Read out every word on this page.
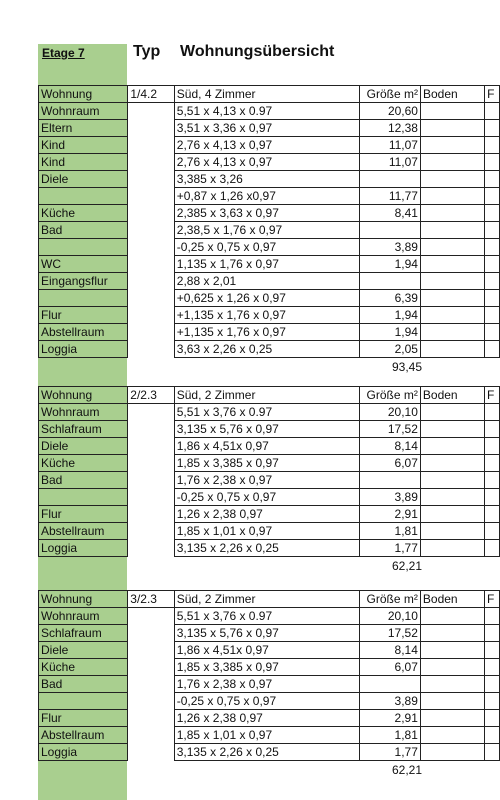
Etage 7	Typ Wohnungsübersicht
Wohnung	1/4.2	Süd, 4 Zimmer	Größe m²	Boden	F
Wohnraum		5,51 x 4,13 x 0.97	20,60		
Eltern		3,51 x 3,36 x 0,97	12,38		
Kind		2,76 x 4,13 x 0,97	11,07		
Kind		2,76 x 4,13 x 0,97	11,07		
Diele		3,385 x 3,26			
		+0,87 x 1,26 x0,97	11,77		
Küche		2,385 x 3,63 x 0,97	8,41		
Bad		2,38,5 x 1,76 x 0,97			
		-0,25 x 0,75 x 0,97	3,89		
WC		1,135 x 1,76 x 0,97	1,94		
Eingangsflur		2,88 x 2,01			
		+0,625 x 1,26 x 0,97	6,39		
Flur		+1,135 x 1,76 x 0,97	1,94		
Abstellraum		+1,135 x 1,76 x 0,97	1,94		
Loggia		3,63 x 2,26 x 0,25	2,05		
93,45
Wohnung	2/2.3	Süd, 2 Zimmer	Größe m²	Boden	F
Wohnraum		5,51 x 3,76 x 0.97	20,10		
Schlafraum		3,135 x 5,76 x 0,97	17,52		
Diele		1,86 x 4,51x 0,97	8,14		
Küche		1,85 x 3,385 x 0,97	6,07		
Bad		1,76 x 2,38 x 0,97			
		-0,25 x 0,75 x 0,97	3,89		
Flur		1,26 x 2,38 0,97	2,91		
Abstellraum		1,85 x 1,01 x 0,97	1,81		
Loggia		3,135 x 2,26 x 0,25	1,77		
62,21
Wohnung	3/2.3	Süd, 2 Zimmer	Größe m²	Boden	F
Wohnraum		5,51 x 3,76 x 0.97	20,10		
Schlafraum		3,135 x 5,76 x 0,97	17,52		
Diele		1,86 x 4,51x 0,97	8,14		
Küche		1,85 x 3,385 x 0,97	6,07		
Bad		1,76 x 2,38 x 0,97			
		-0,25 x 0,75 x 0,97	3,89		
Flur		1,26 x 2,38 0,97	2,91		
Abstellraum		1,85 x 1,01 x 0,97	1,81		
Loggia		3,135 x 2,26 x 0,25	1,77		
62,21
